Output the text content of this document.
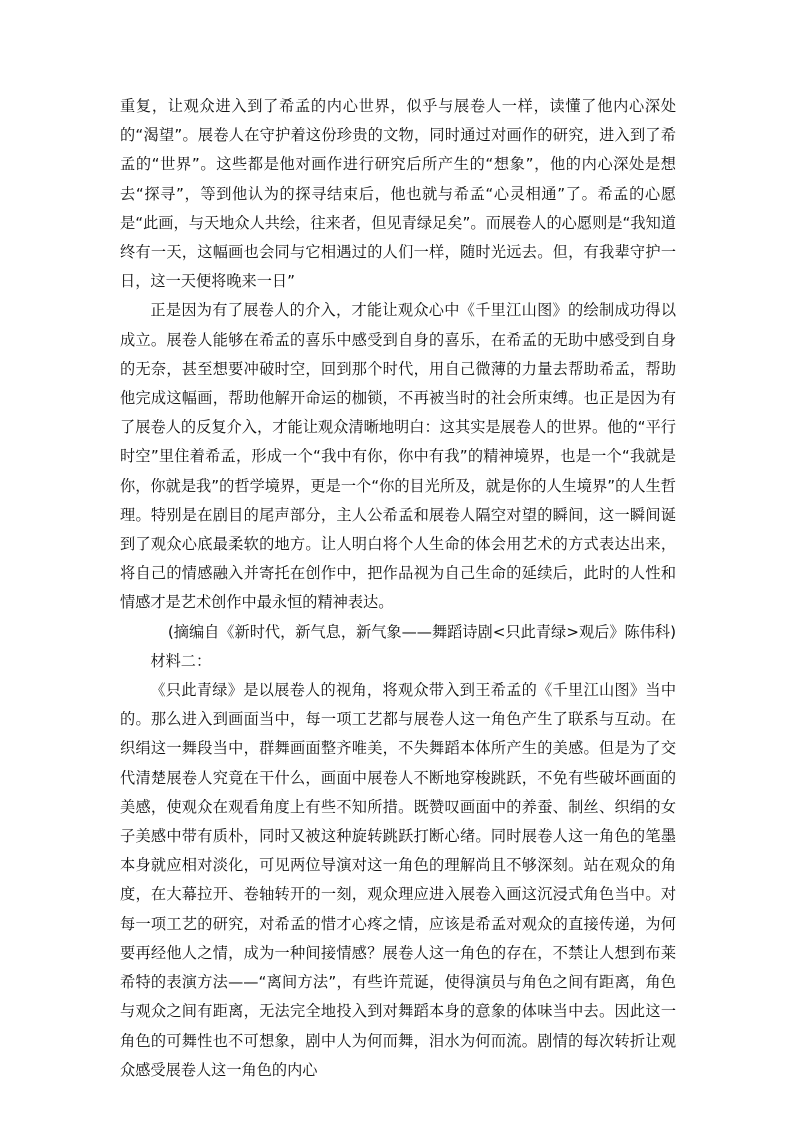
重复，让观众进入到了希孟的内心世界，似乎与展卷人一样，读懂了他内心深处的“渴望”。展卷人在守护着这份珍贵的文物，同时通过对画作的研究，进入到了希孟的“世界”。这些都是他对画作进行研究后所产生的“想象”，他的内心深处是想去“探寻”，等到他认为的探寻结束后，他也就与希孟“心灵相通”了。希孟的心愿是“此画，与天地众人共绘，往来者，但见青绿足矣”。而展卷人的心愿则是“我知道终有一天，这幅画也会同与它相遇过的人们一样，随时光远去。但，有我辈守护一日，这一天便将晚来一日”

正是因为有了展卷人的介入，才能让观众心中《千里江山图》的绘制成功得以成立。展卷人能够在希孟的喜乐中感受到自身的喜乐，在希孟的无助中感受到自身的无奈，甚至想要冲破时空，回到那个时代，用自己微薄的力量去帮助希孟，帮助他完成这幅画，帮助他解开命运的枷锁，不再被当时的社会所束缚。也正是因为有了展卷人的反复介入，才能让观众清晰地明白：这其实是展卷人的世界。他的“平行时空”里住着希孟，形成一个“我中有你，你中有我”的精神境界，也是一个“我就是你，你就是我”的哲学境界，更是一个“你的目光所及，就是你的人生境界”的人生哲理。特别是在剧目的尾声部分，主人公希孟和展卷人隔空对望的瞬间，这一瞬间诞到了观众心底最柔软的地方。让人明白将个人生命的体会用艺术的方式表达出来，将自己的情感融入并寄托在创作中，把作品视为自己生命的延续后，此时的人性和情感才是艺术创作中最永恒的精神表达。

(摘编自《新时代，新气息，新气象——舞蹈诗剧<只此青绿>观后》陈伟科)

材料二：

《只此青绿》是以展卷人的视角，将观众带入到王希孟的《千里江山图》当中的。那么进入到画面当中，每一项工艺都与展卷人这一角色产生了联系与互动。在织绢这一舞段当中，群舞画面整齐唯美，不失舞蹈本体所产生的美感。但是为了交代清楚展卷人究竟在干什么，画面中展卷人不断地穿梭跳跃，不免有些破坏画面的美感，使观众在观看角度上有些不知所措。既赞叹画面中的养蚕、制丝、织绢的女子美感中带有质朴，同时又被这种旋转跳跃打断心绪。同时展卷人这一角色的笔墨本身就应相对淡化，可见两位导演对这一角色的理解尚且不够深刻。站在观众的角度，在大幕拉开、卷轴转开的一刻，观众理应进入展卷入画这沉浸式角色当中。对每一项工艺的研究，对希孟的惜才心疼之情，应该是希孟对观众的直接传递，为何要再经他人之情，成为一种间接情感？展卷人这一角色的存在，不禁让人想到布莱希特的表演方法——“离间方法”，有些许荒诞，使得演员与角色之间有距离，角色与观众之间有距离，无法完全地投入到对舞蹈本身的意象的体味当中去。因此这一角色的可舞性也不可想象，剧中人为何而舞，泪水为何而流。剧情的每次转折让观众感受展卷人这一角色的内心
